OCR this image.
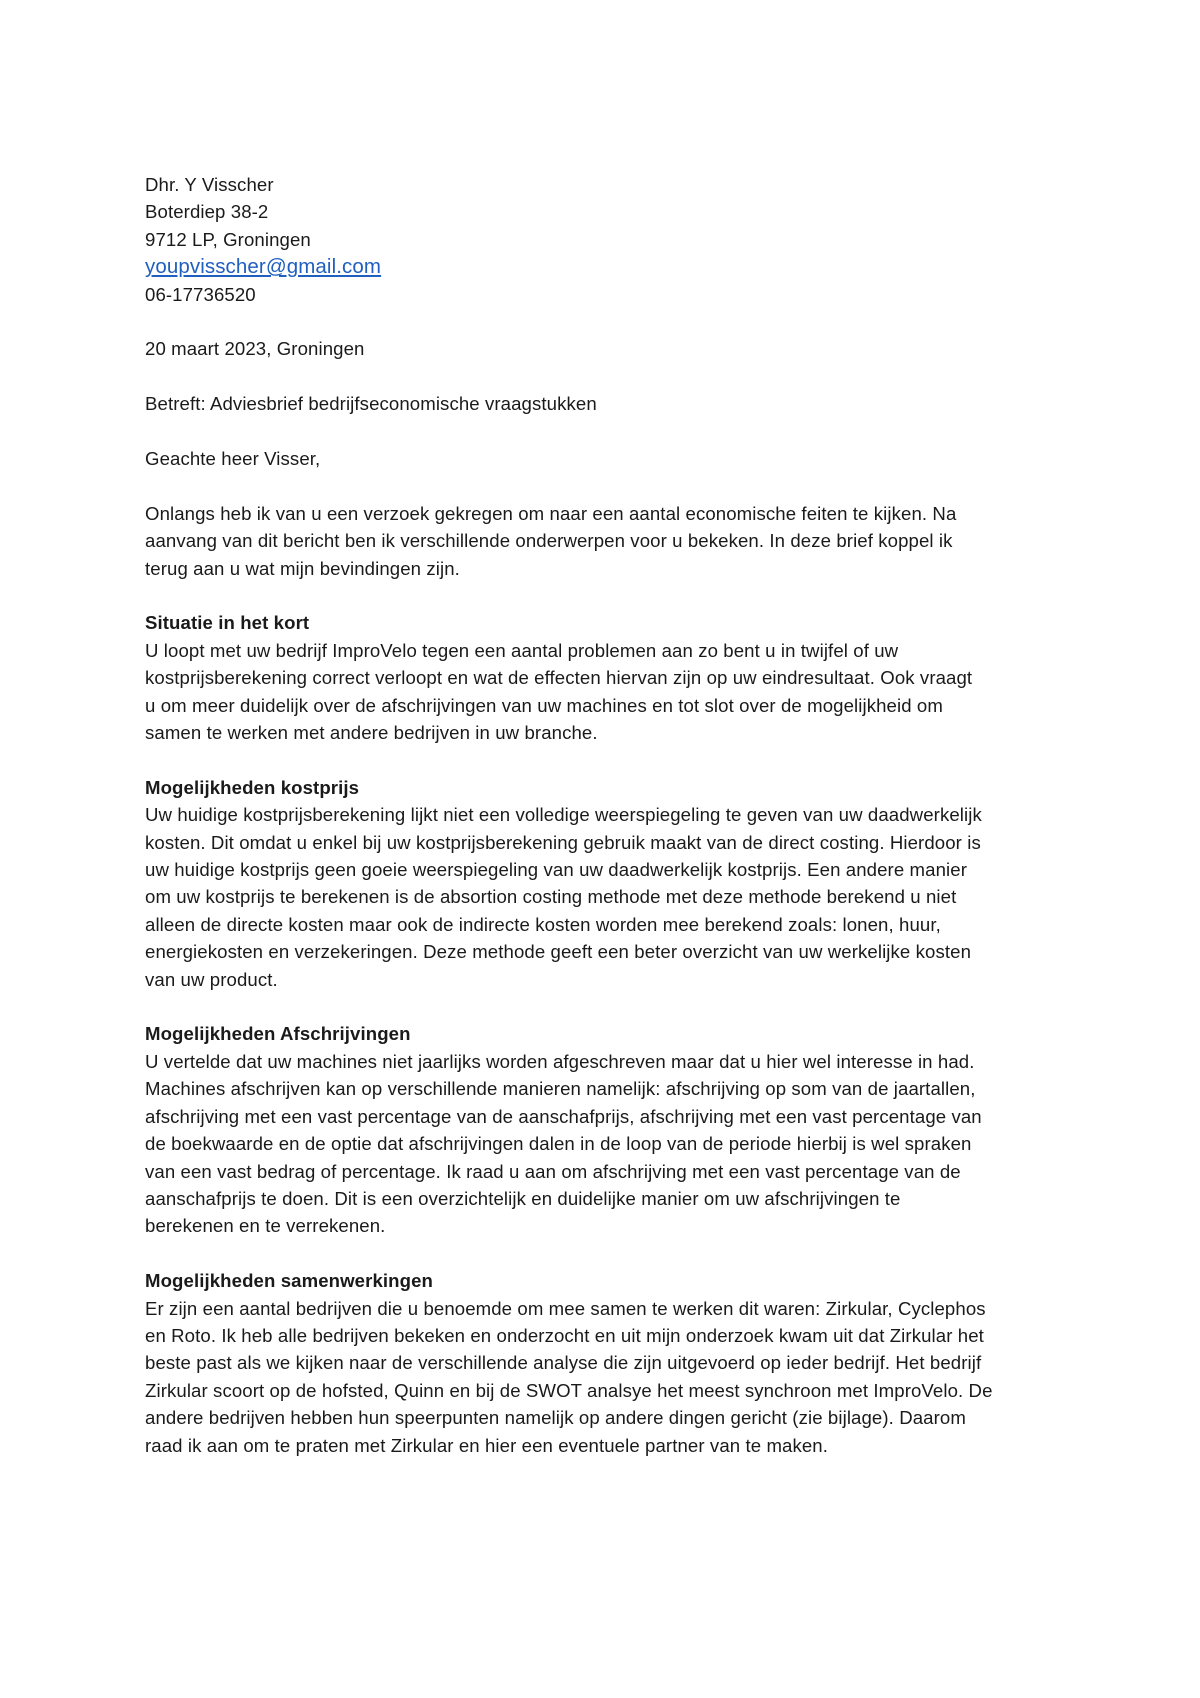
Dhr. Y Visscher
Boterdiep 38-2
9712 LP, Groningen
youpvisscher@gmail.com
06-17736520
20 maart 2023, Groningen
Betreft: Adviesbrief bedrijfseconomische vraagstukken
Geachte heer Visser,
Onlangs heb ik van u een verzoek gekregen om naar een aantal economische feiten te kijken. Na
aanvang van dit bericht ben ik verschillende onderwerpen voor u bekeken. In deze brief koppel ik
terug aan u wat mijn bevindingen zijn.
Situatie in het kort
U loopt met uw bedrijf ImproVelo tegen een aantal problemen aan zo bent u in twijfel of uw
kostprijsberekening correct verloopt en wat de effecten hiervan zijn op uw eindresultaat. Ook vraagt
u om meer duidelijk over de afschrijvingen van uw machines en tot slot over de mogelijkheid om
samen te werken met andere bedrijven in uw branche.
Mogelijkheden kostprijs
Uw huidige kostprijsberekening lijkt niet een volledige weerspiegeling te geven van uw daadwerkelijk
kosten. Dit omdat u enkel bij uw kostprijsberekening gebruik maakt van de direct costing. Hierdoor is
uw huidige kostprijs geen goeie weerspiegeling van uw daadwerkelijk kostprijs. Een andere manier
om uw kostprijs te berekenen is de absortion costing methode met deze methode berekend u niet
alleen de directe kosten maar ook de indirecte kosten worden mee berekend zoals: lonen, huur,
energiekosten en verzekeringen. Deze methode geeft een beter overzicht van uw werkelijke kosten
van uw product.
Mogelijkheden Afschrijvingen
U vertelde dat uw machines niet jaarlijks worden afgeschreven maar dat u hier wel interesse in had.
Machines afschrijven kan op verschillende manieren namelijk: afschrijving op som van de jaartallen,
afschrijving met een vast percentage van de aanschafprijs, afschrijving met een vast percentage van
de boekwaarde en de optie dat afschrijvingen dalen in de loop van de periode hierbij is wel spraken
van een vast bedrag of percentage. Ik raad u aan om afschrijving met een vast percentage van de
aanschafprijs te doen. Dit is een overzichtelijk en duidelijke manier om uw afschrijvingen te
berekenen en te verrekenen.
Mogelijkheden samenwerkingen
Er zijn een aantal bedrijven die u benoemde om mee samen te werken dit waren: Zirkular, Cyclephos
en Roto. Ik heb alle bedrijven bekeken en onderzocht en uit mijn onderzoek kwam uit dat Zirkular het
beste past als we kijken naar de verschillende analyse die zijn uitgevoerd op ieder bedrijf. Het bedrijf
Zirkular scoort op de hofsted, Quinn en bij de SWOT analsye het meest synchroon met ImproVelo. De
andere bedrijven hebben hun speerpunten namelijk op andere dingen gericht (zie bijlage). Daarom
raad ik aan om te praten met Zirkular en hier een eventuele partner van te maken.
